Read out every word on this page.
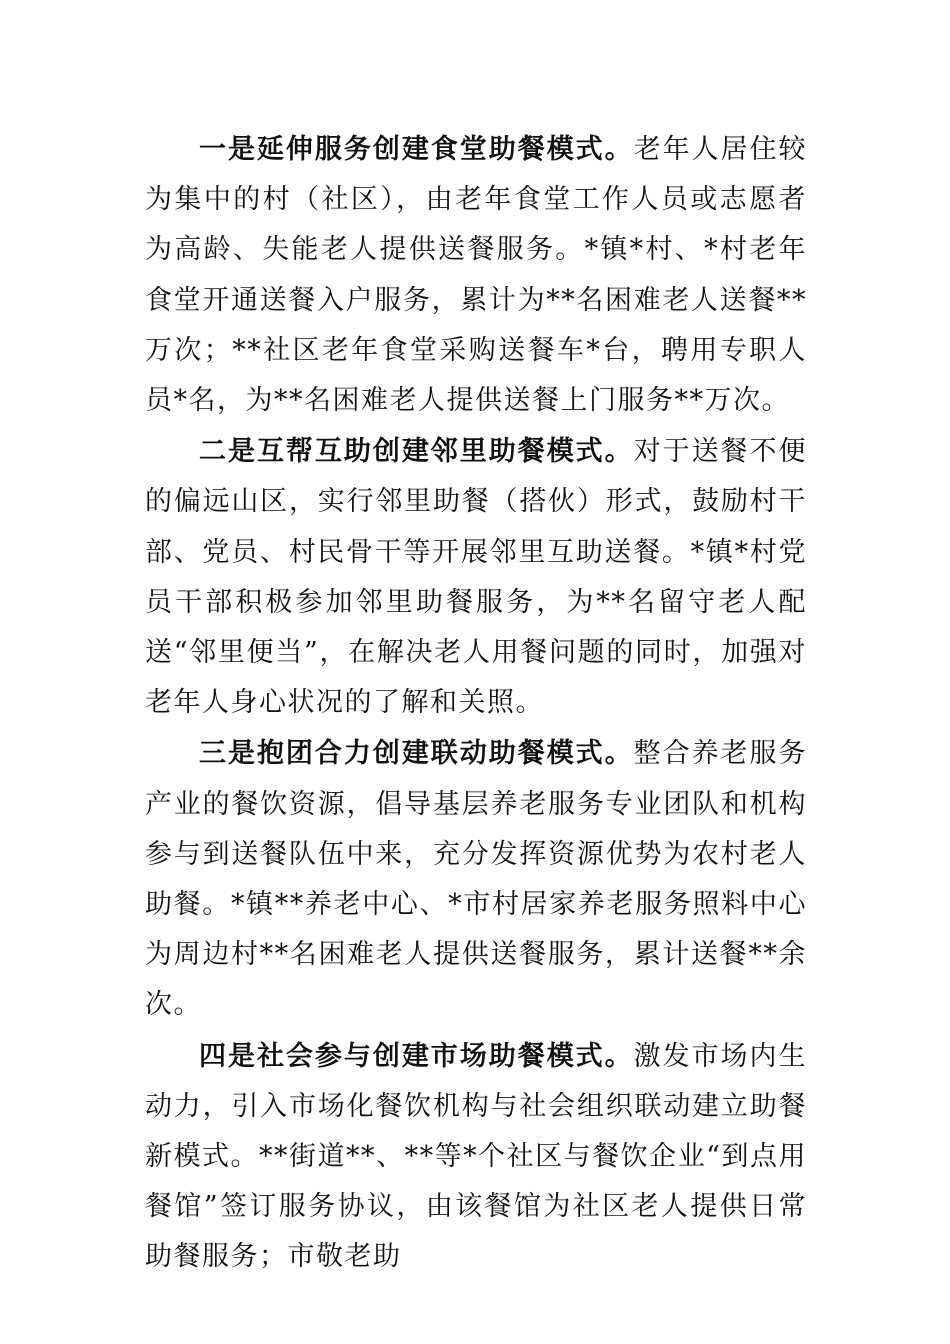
一是延伸服务创建食堂助餐模式。老年人居住较为集中的村（社区），由老年食堂工作人员或志愿者为高龄、失能老人提供送餐服务。*镇*村、*村老年食堂开通送餐入户服务，累计为**名困难老人送餐**万次；**社区老年食堂采购送餐车*台，聘用专职人员*名，为**名困难老人提供送餐上门服务**万次。

二是互帮互助创建邻里助餐模式。对于送餐不便的偏远山区，实行邻里助餐（搭伙）形式，鼓励村干部、党员、村民骨干等开展邻里互助送餐。*镇*村党员干部积极参加邻里助餐服务，为**名留守老人配送“邻里便当”，在解决老人用餐问题的同时，加强对老年人身心状况的了解和关照。

三是抱团合力创建联动助餐模式。整合养老服务产业的餐饮资源，倡导基层养老服务专业团队和机构参与到送餐队伍中来，充分发挥资源优势为农村老人助餐。*镇**养老中心、*市村居家养老服务照料中心为周边村**名困难老人提供送餐服务，累计送餐**余次。

四是社会参与创建市场助餐模式。激发市场内生动力，引入市场化餐饮机构与社会组织联动建立助餐新模式。**街道**、**等*个社区与餐饮企业“到点用餐馆”签订服务协议，由该餐馆为社区老人提供日常助餐服务；市敬老助
